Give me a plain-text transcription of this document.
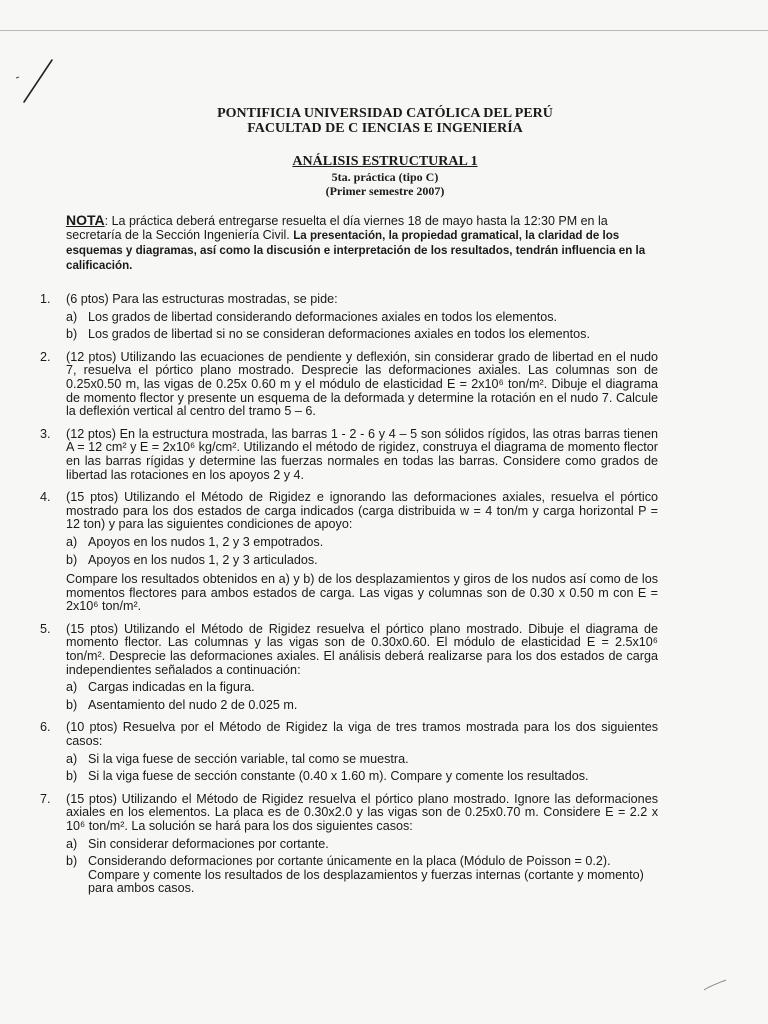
PONTIFICIA UNIVERSIDAD CATÓLICA DEL PERÚ
FACULTAD DE C IENCIAS E INGENIERÍA
ANÁLISIS ESTRUCTURAL 1
5ta. práctica (tipo C)
(Primer semestre 2007)
NOTA: La práctica deberá entregarse resuelta el día viernes 18 de mayo hasta la 12:30 PM en la secretaría de la Sección Ingeniería Civil. La presentación, la propiedad gramatical, la claridad de los esquemas y diagramas, así como la discusión e interpretación de los resultados, tendrán influencia en la calificación.
1. (6 ptos) Para las estructuras mostradas, se pide:
a) Los grados de libertad considerando deformaciones axiales en todos los elementos.
b) Los grados de libertad si no se consideran deformaciones axiales en todos los elementos.
2. (12 ptos) Utilizando las ecuaciones de pendiente y deflexión, sin considerar grado de libertad en el nudo 7, resuelva el pórtico plano mostrado. Desprecie las deformaciones axiales. Las columnas son de 0.25x0.50 m, las vigas de 0.25x 0.60 m y el módulo de elasticidad E = 2x10⁶ ton/m². Dibuje el diagrama de momento flector y presente un esquema de la deformada y determine la rotación en el nudo 7. Calcule la deflexión vertical al centro del tramo 5 – 6.
3. (12 ptos) En la estructura mostrada, las barras 1 - 2 - 6 y 4 – 5 son sólidos rígidos, las otras barras tienen A = 12 cm² y E = 2x10⁶ kg/cm². Utilizando el método de rigidez, construya el diagrama de momento flector en las barras rígidas y determine las fuerzas normales en todas las barras. Considere como grados de libertad las rotaciones en los apoyos 2 y 4.
4. (15 ptos) Utilizando el Método de Rigidez e ignorando las deformaciones axiales, resuelva el pórtico mostrado para los dos estados de carga indicados (carga distribuida w = 4 ton/m y carga horizontal P = 12 ton) y para las siguientes condiciones de apoyo:
a) Apoyos en los nudos 1, 2 y 3 empotrados.
b) Apoyos en los nudos 1, 2 y 3 articulados.
Compare los resultados obtenidos en a) y b) de los desplazamientos y giros de los nudos así como de los momentos flectores para ambos estados de carga. Las vigas y columnas son de 0.30 x 0.50 m con E = 2x10⁶ ton/m².
5. (15 ptos) Utilizando el Método de Rigidez resuelva el pórtico plano mostrado. Dibuje el diagrama de momento flector. Las columnas y las vigas son de 0.30x0.60. El módulo de elasticidad E = 2.5x10⁶ ton/m². Desprecie las deformaciones axiales. El análisis deberá realizarse para los dos estados de carga independientes señalados a continuación:
a) Cargas indicadas en la figura.
b) Asentamiento del nudo 2 de 0.025 m.
6. (10 ptos) Resuelva por el Método de Rigidez la viga de tres tramos mostrada para los dos siguientes casos:
a) Si la viga fuese de sección variable, tal como se muestra.
b) Si la viga fuese de sección constante (0.40 x 1.60 m). Compare y comente los resultados.
7. (15 ptos) Utilizando el Método de Rigidez resuelva el pórtico plano mostrado. Ignore las deformaciones axiales en los elementos. La placa es de 0.30x2.0 y las vigas son de 0.25x0.70 m. Considere E = 2.2 x 10⁶ ton/m². La solución se hará para los dos siguientes casos:
a) Sin considerar deformaciones por cortante.
b) Considerando deformaciones por cortante únicamente en la placa (Módulo de Poisson = 0.2). Compare y comente los resultados de los desplazamientos y fuerzas internas (cortante y momento) para ambos casos.
